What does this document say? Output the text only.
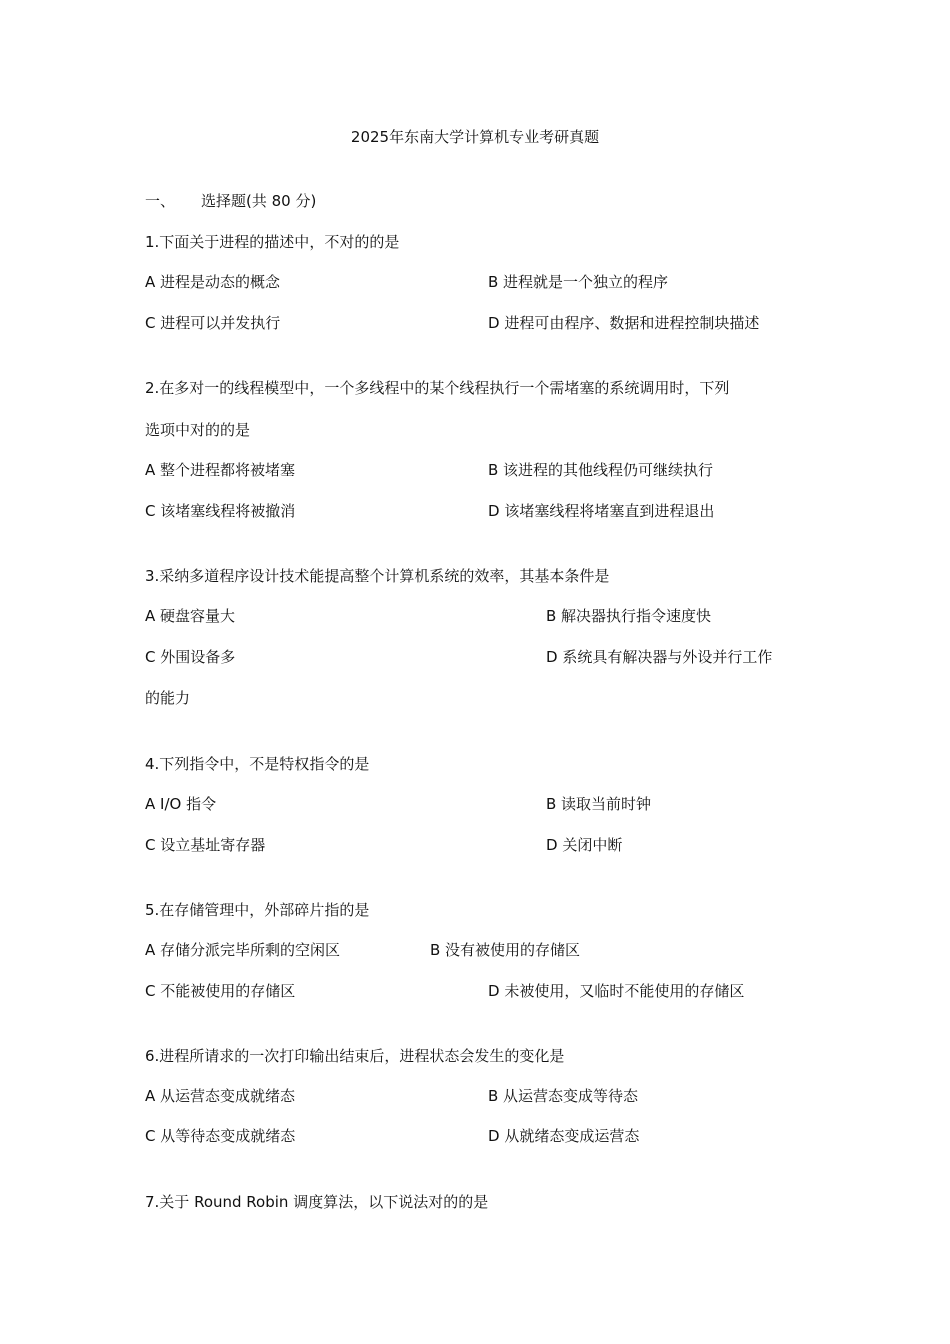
2025年东南大学计算机专业考研真题
一、 选择题(共 80 分)
1.下面关于进程的描述中，不对的的是
A 进程是动态的概念	B 进程就是一个独立的程序
C 进程可以并发执行	D 进程可由程序、数据和进程控制块描述
2.在多对一的线程模型中，一个多线程中的某个线程执行一个需堵塞的系统调用时，下列
选项中对的的是
A 整个进程都将被堵塞	B 该进程的其他线程仍可继续执行
C 该堵塞线程将被撤消	D 该堵塞线程将堵塞直到进程退出
3.采纳多道程序设计技术能提高整个计算机系统的效率，其基本条件是
A 硬盘容量大	B 解决器执行指令速度快
C 外围设备多	D 系统具有解决器与外设并行工作
的能力
4.下列指令中，不是特权指令的是
A I/O 指令	B 读取当前时钟
C 设立基址寄存器	D 关闭中断
5.在存储管理中，外部碎片指的是
A 存储分派完毕所剩的空闲区	B 没有被使用的存储区
C 不能被使用的存储区	D 未被使用，又临时不能使用的存储区
6.进程所请求的一次打印输出结束后，进程状态会发生的变化是
A 从运营态变成就绪态	B 从运营态变成等待态
C 从等待态变成就绪态	D 从就绪态变成运营态
7.关于 Round Robin 调度算法，以下说法对的的是
